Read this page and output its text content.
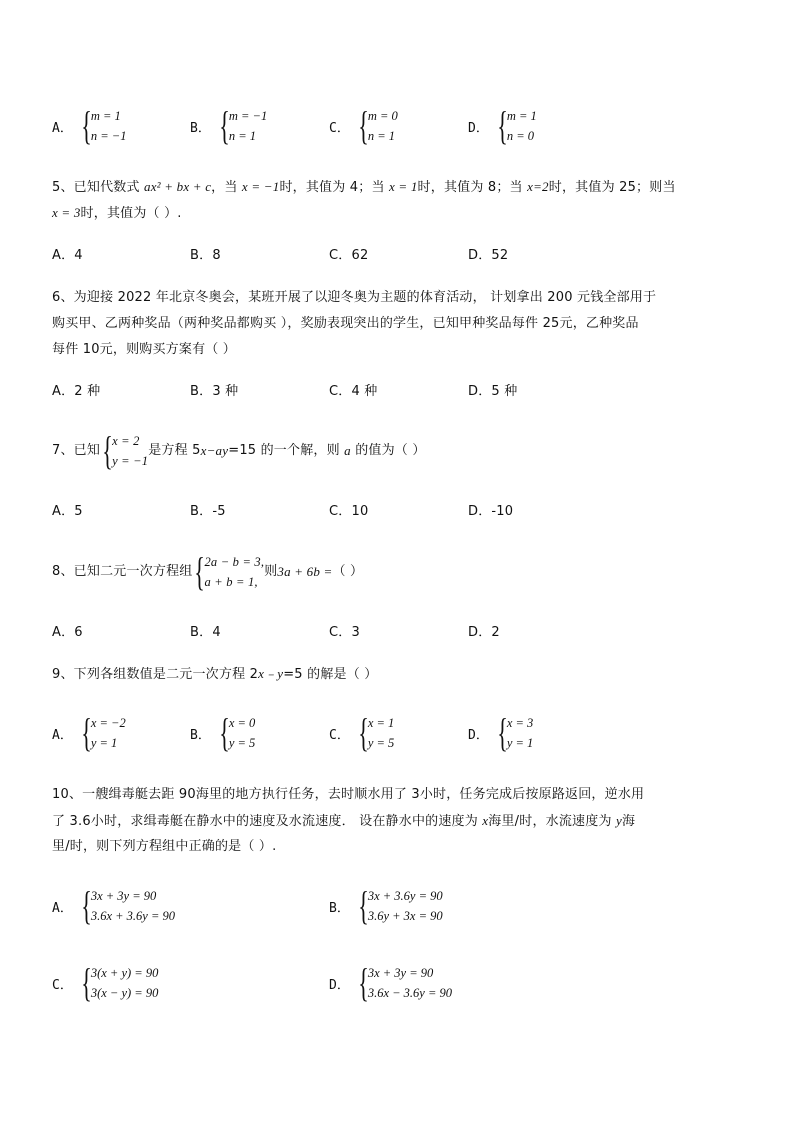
A． { m = 1
n = −1
B． { m = −1
n = 1
C． { m = 0
n = 1
D． { m = 1
n = 0
5、已知代数式 ax² + bx + c，当 x = −1时，其值为 4；当 x = 1时，其值为 8；当 x=2时，其值为 25；则当
x = 3时，其值为（ ）.
A．4	B．8	C．62	D．52
6、为迎接 2022 年北京冬奥会，某班开展了以迎冬奥为主题的体育活动， 计划拿出 200 元钱全部用于
购买甲、乙两种奖品（两种奖品都购买 ），奖励表现突出的学生，已知甲种奖品每件 25元，乙种奖品
每件 10元，则购买方案有（ ）
A．2 种	B．3 种	C．4 种	D．5 种
7、已知 { x = 2
y = −1
是方程 5 x−ay =15 的一个解，则
a
的值为（ ）
A．5	B．-5	C．10	D．-10
8、已知二元一次方程组 { 2a − b = 3,
a + b = 1,
则 3a + 6b = （ ）
A．6	B．4	C．3	D．2
9、下列各组数值是二元一次方程 2x﹣y=5 的解是（ ）
A． { x = −2
y = 1
B． { x = 0
y = 5
C． { x = 1
y = 5
D． { x = 3
y = 1
10、一艘缉毒艇去距 90海里的地方执行任务，去时顺水用了 3小时，任务完成后按原路返回，逆水用
了 3.6小时，求缉毒艇在静水中的速度及水流速度． 设在静水中的速度为 x海里/时，水流速度为 y海
里/时，则下列方程组中正确的是（ ）.
A． { 3x + 3y = 90
3.6x + 3.6y = 90
B． { 3x + 3.6y = 90
3.6y + 3x = 90
C． { 3(x + y) = 90
3(x − y) = 90
D． { 3x + 3y = 90
3.6x − 3.6y = 90
